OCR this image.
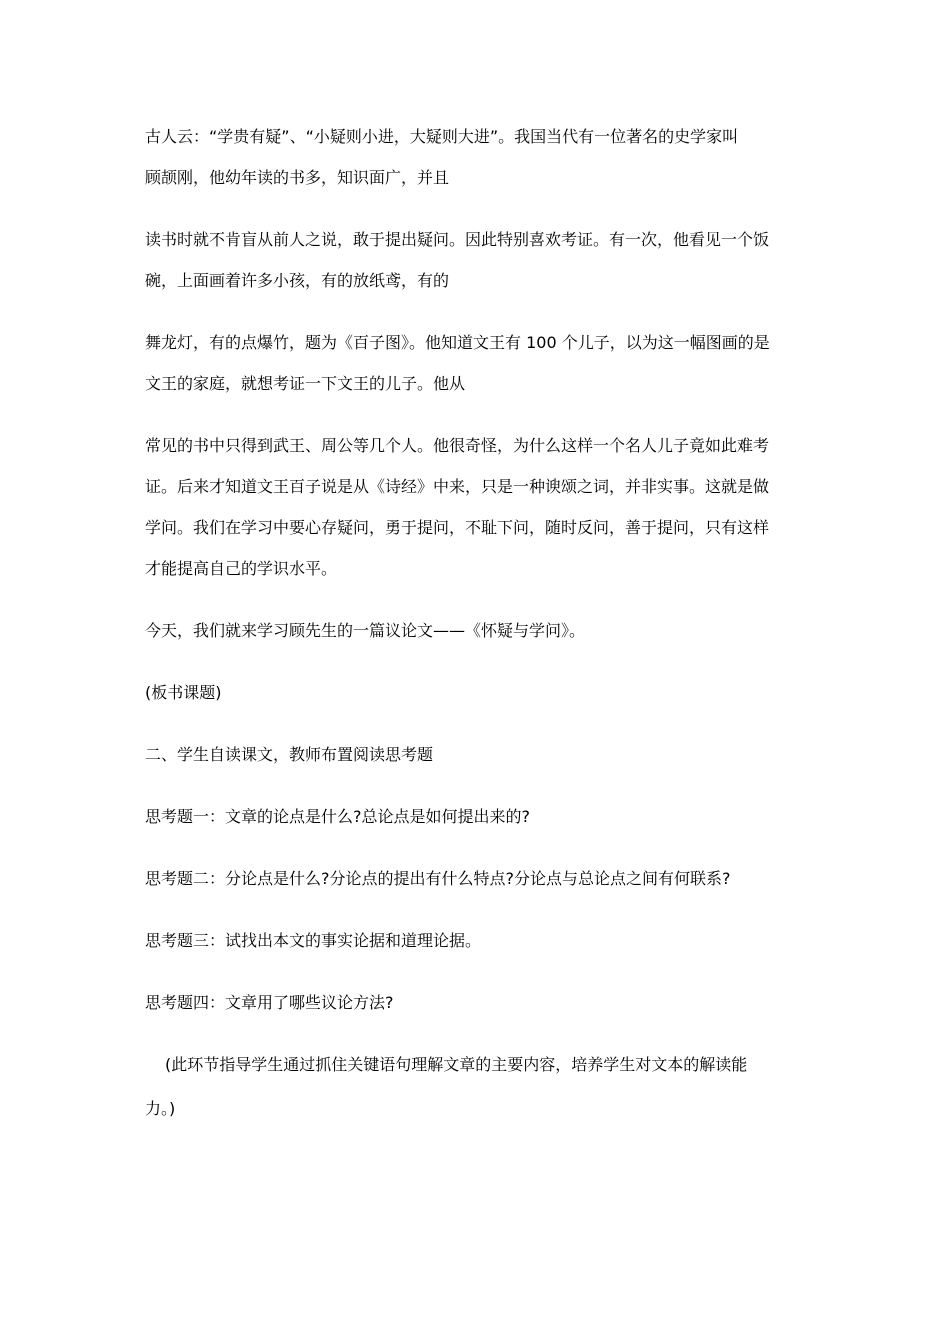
古人云：“学贵有疑”、“小疑则小进，大疑则大进”。我国当代有一位著名的史学家叫
顾颉刚，他幼年读的书多，知识面广，并且
读书时就不肯盲从前人之说，敢于提出疑问。因此特别喜欢考证。有一次，他看见一个饭
碗，上面画着许多小孩，有的放纸鸢，有的
舞龙灯，有的点爆竹，题为《百子图》。他知道文王有 100 个儿子，以为这一幅图画的是
文王的家庭，就想考证一下文王的儿子。他从
常见的书中只得到武王、周公等几个人。他很奇怪，为什么这样一个名人儿子竟如此难考
证。后来才知道文王百子说是从《诗经》中来，只是一种谀颂之词，并非实事。这就是做
学问。我们在学习中要心存疑问，勇于提问，不耻下问，随时反问，善于提问，只有这样
才能提高自己的学识水平。
今天，我们就来学习顾先生的一篇议论文——《怀疑与学问》。
(板书课题)
二、学生自读课文，教师布置阅读思考题
思考题一：文章的论点是什么?总论点是如何提出来的?
思考题二：分论点是什么?分论点的提出有什么特点?分论点与总论点之间有何联系?
思考题三：试找出本文的事实论据和道理论据。
思考题四：文章用了哪些议论方法?
(此环节指导学生通过抓住关键语句理解文章的主要内容，培养学生对文本的解读能
力。)
